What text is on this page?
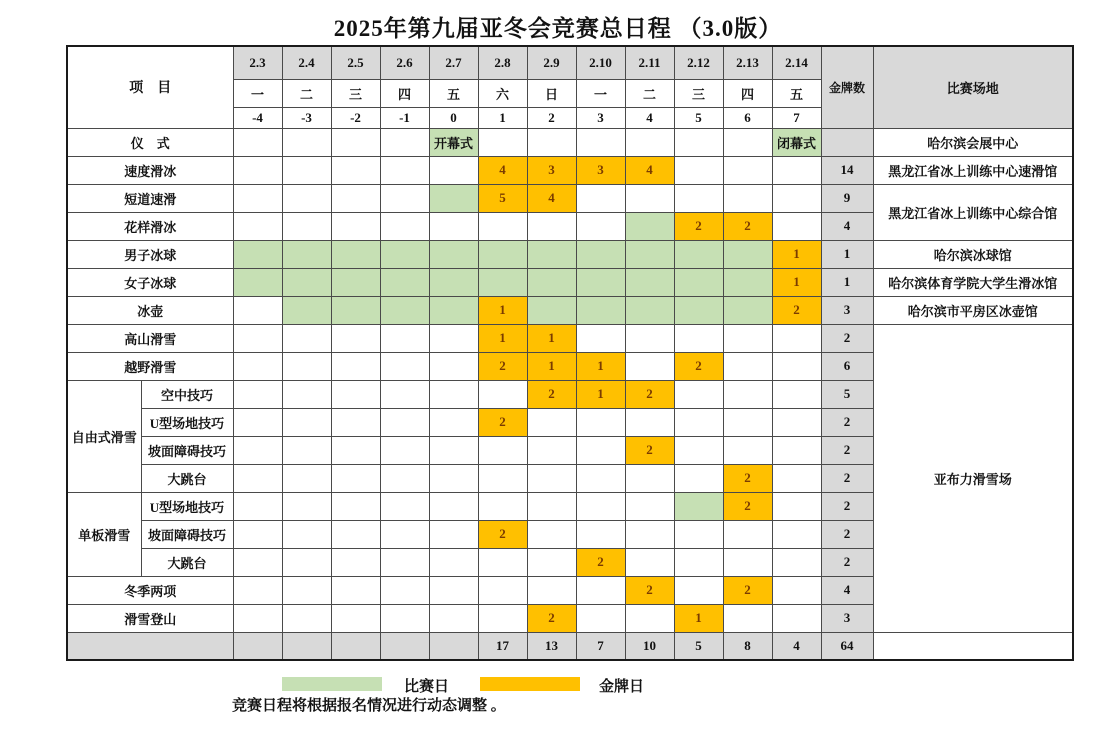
2025年第九届亚冬会竞赛总日程 （3.0版）
项　目		2.3	2.4	2.5	2.6	2.7	2.8	2.9	2.10	2.11	2.12	2.13	2.14	金牌数	比赛场地
		一	二	三	四	五	六	日	一	二	三	四	五		
		-4	-3	-2	-1	0	1	2	3	4	5	6	7		
仪　式						开幕式							闭幕式		哈尔滨会展中心
速度滑冰							4	3	3	4				14	黑龙江省冰上训练中心速滑馆
短道速滑							5	4						9	黑龙江省冰上训练中心综合馆
花样滑冰											2	2		4	
男子冰球													1	1	哈尔滨冰球馆
女子冰球													1	1	哈尔滨体育学院大学生滑冰馆
冰壶							1						2	3	哈尔滨市平房区冰壶馆
高山滑雪							1	1						2	亚布力滑雪场
越野滑雪							2	1	1		2			6	
自由式滑雪	空中技巧							2	1	2				5	
	U型场地技巧						2							2	
	坡面障碍技巧									2				2	
	大跳台											2		2	
单板滑雪	U型场地技巧											2		2	
	坡面障碍技巧						2							2	
	大跳台								2					2	
冬季两项										2		2		4	
滑雪登山								2			1			3	
							17	13	7	10	5	8	4	64	
比赛日	金牌日
竞赛日程将根据报名情况进行动态调整 。
